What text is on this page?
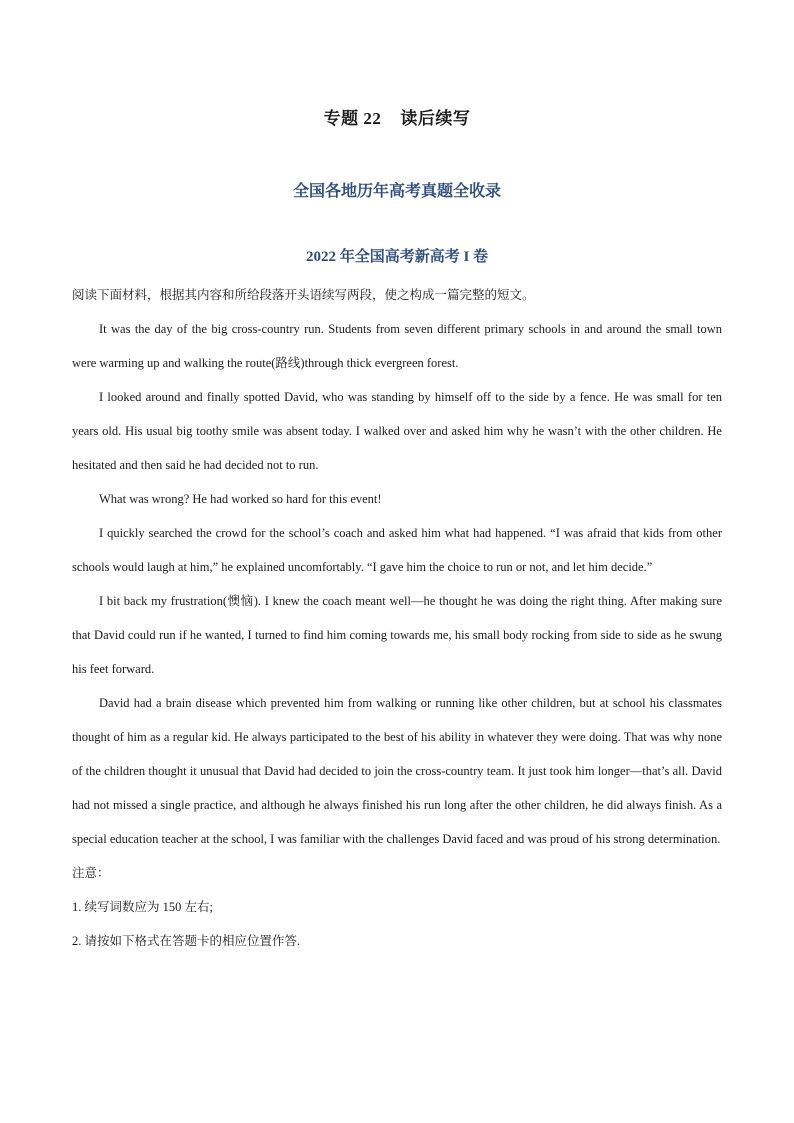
专题 22    读后续写
全国各地历年高考真题全收录
2022 年全国高考新高考 I 卷

阅读下面材料，根据其内容和所给段落开头语续写两段，使之构成一篇完整的短文。

It was the day of the big cross-country run. Students from seven different primary schools in and around the small town were warming up and walking the route(路线)through thick evergreen forest.

I looked around and finally spotted David, who was standing by himself off to the side by a fence. He was small for ten years old. His usual big toothy smile was absent today. I walked over and asked him why he wasn’t with the other children. He hesitated and then said he had decided not to run.

What was wrong? He had worked so hard for this event!

I quickly searched the crowd for the school’s coach and asked him what had happened. “I was afraid that kids from other schools would laugh at him,” he explained uncomfortably. “I gave him the choice to run or not, and let him decide.”

I bit back my frustration(懊恼). I knew the coach meant well—he thought he was doing the right thing. After making sure that David could run if he wanted, I turned to find him coming towards me, his small body rocking from side to side as he swung his feet forward.

David had a brain disease which prevented him from walking or running like other children, but at school his classmates thought of him as a regular kid. He always participated to the best of his ability in whatever they were doing. That was why none of the children thought it unusual that David had decided to join the cross-country team. It just took him longer—that’s all. David had not missed a single practice, and although he always finished his run long after the other children, he did always finish. As a special education teacher at the school, I was familiar with the challenges David faced and was proud of his strong determination.

注意：

1. 续写词数应为 150 左右;

2. 请按如下格式在答题卡的相应位置作答.
